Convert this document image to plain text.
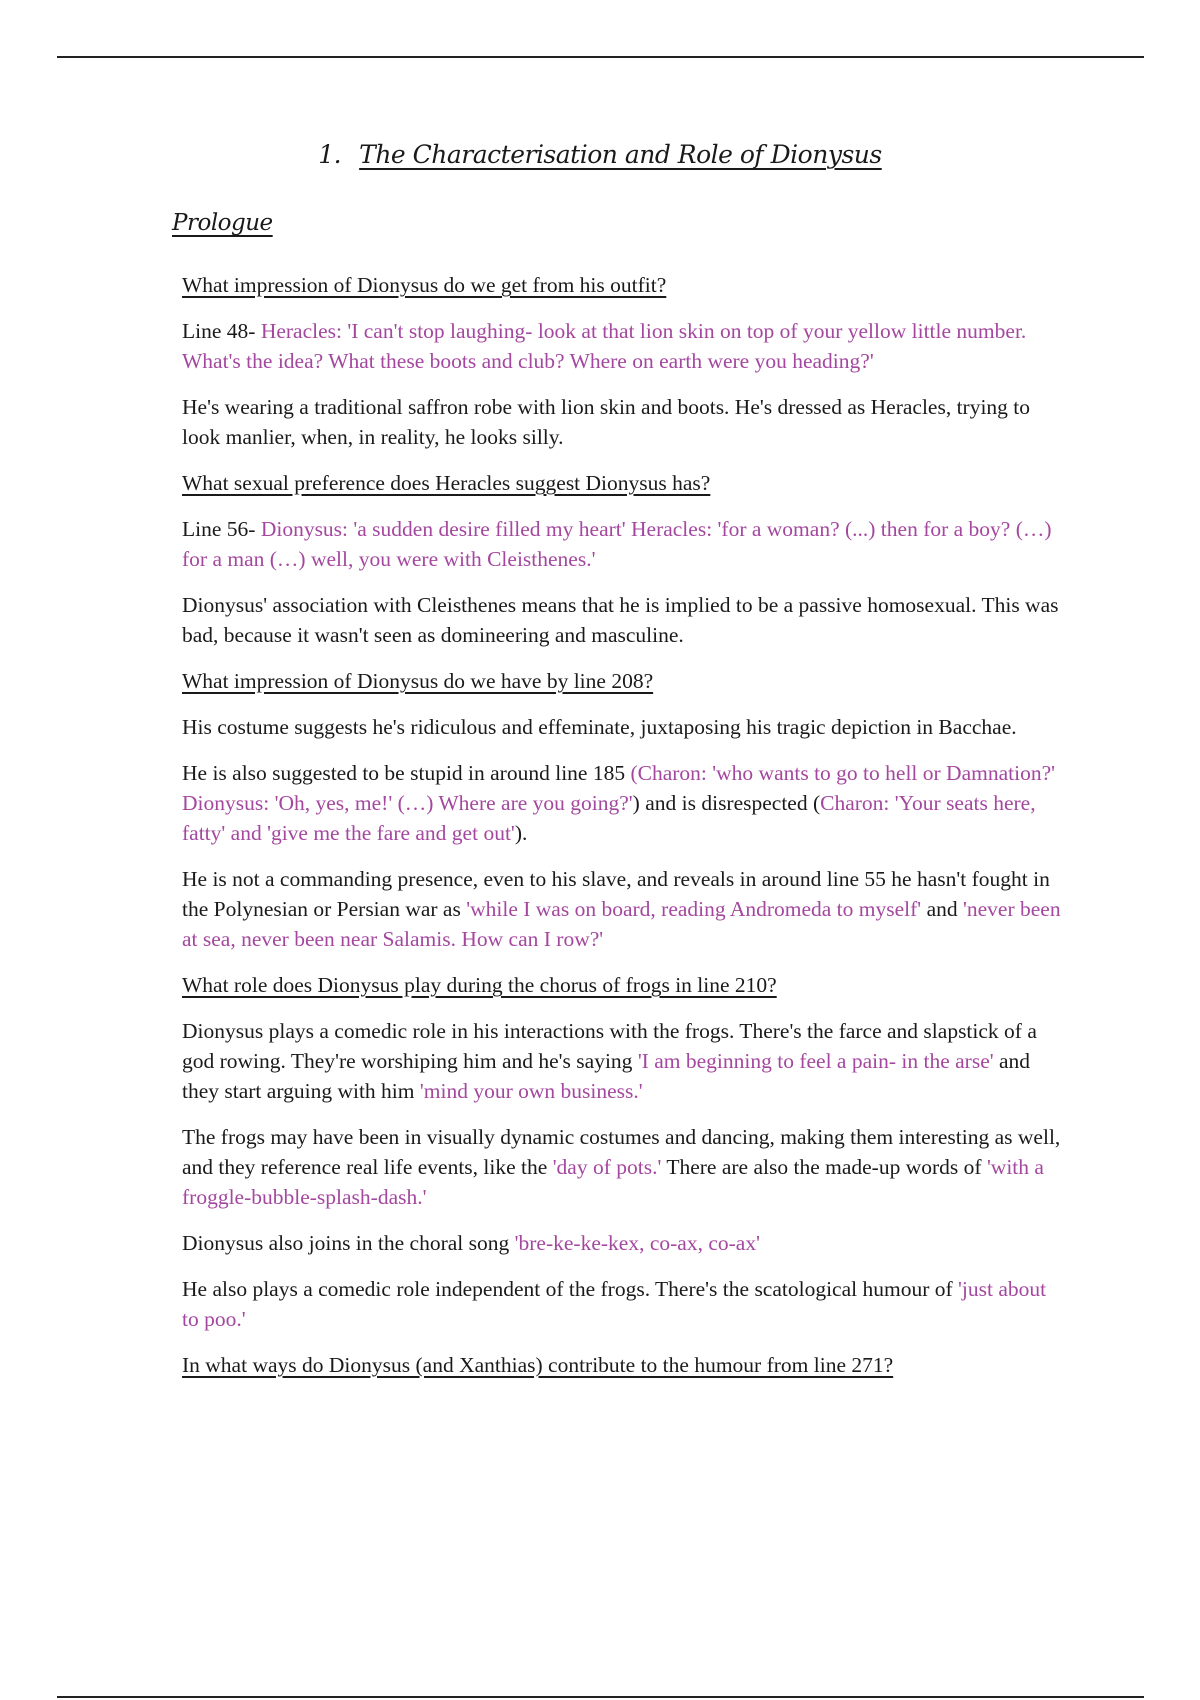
1. The Characterisation and Role of Dionysus
Prologue

What impression of Dionysus do we get from his outfit?

Line 48- Heracles: 'I can't stop laughing- look at that lion skin on top of your yellow little number. What's the idea? What these boots and club? Where on earth were you heading?'

He's wearing a traditional saffron robe with lion skin and boots. He's dressed as Heracles, trying to look manlier, when, in reality, he looks silly.

What sexual preference does Heracles suggest Dionysus has?

Line 56- Dionysus: 'a sudden desire filled my heart' Heracles: 'for a woman? (...) then for a boy? (…) for a man (…) well, you were with Cleisthenes.'

Dionysus' association with Cleisthenes means that he is implied to be a passive homosexual. This was bad, because it wasn't seen as domineering and masculine.

What impression of Dionysus do we have by line 208?

His costume suggests he's ridiculous and effeminate, juxtaposing his tragic depiction in Bacchae.

He is also suggested to be stupid in around line 185 (Charon: 'who wants to go to hell or Damnation?' Dionysus: 'Oh, yes, me!' (…) Where are you going?') and is disrespected (Charon: 'Your seats here, fatty' and 'give me the fare and get out').

He is not a commanding presence, even to his slave, and reveals in around line 55 he hasn't fought in the Polynesian or Persian war as 'while I was on board, reading Andromeda to myself' and 'never been at sea, never been near Salamis. How can I row?'

What role does Dionysus play during the chorus of frogs in line 210?

Dionysus plays a comedic role in his interactions with the frogs. There's the farce and slapstick of a god rowing. They're worshiping him and he's saying 'I am beginning to feel a pain- in the arse' and they start arguing with him 'mind your own business.'

The frogs may have been in visually dynamic costumes and dancing, making them interesting as well, and they reference real life events, like the 'day of pots.' There are also the made-up words of 'with a froggle-bubble-splash-dash.'

Dionysus also joins in the choral song 'bre-ke-ke-kex, co-ax, co-ax'

He also plays a comedic role independent of the frogs. There's the scatological humour of 'just about to poo.'

In what ways do Dionysus (and Xanthias) contribute to the humour from line 271?
